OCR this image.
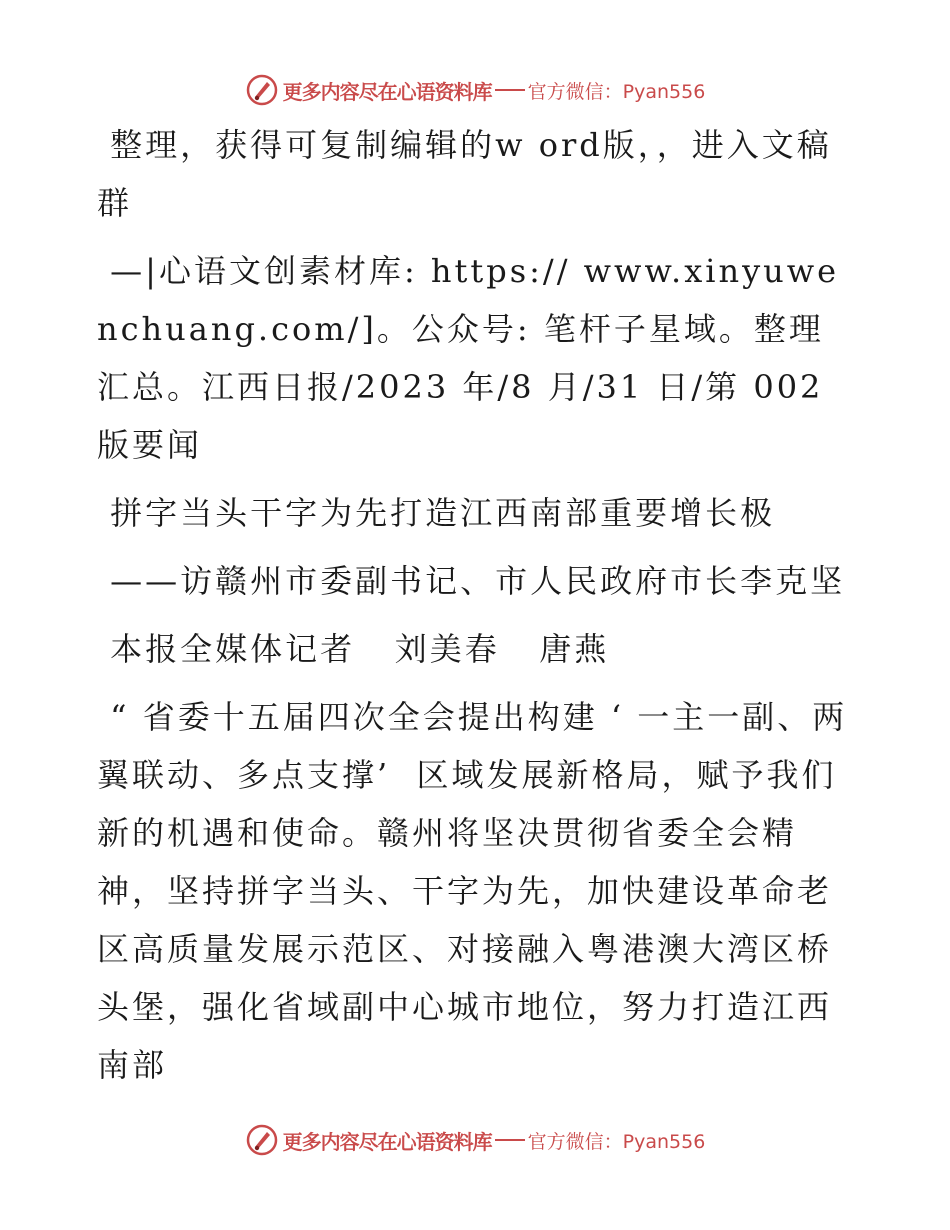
更多内容尽在心语资料库 官方微信：Pyan556

整理，获得可复制编辑的w ord版，，进入文稿群

—|心语文创素材库: https:// www.xinyuwenchuang.com/]。公众号: 笔杆子星域。整理汇总。江西日报/2023 年/8 月/31 日/第 002 版要闻

拼字当头干字为先打造江西南部重要增长极

——访赣州市委副书记、市人民政府市长李克坚

本报全媒体记者   刘美春   唐燕

“ 省委十五届四次全会提出构建 ‘ 一主一副、两翼联动、多点支撑’  区域发展新格局，赋予我们新的机遇和使命。赣州将坚决贯彻省委全会精神，坚持拼字当头、干字为先，加快建设革命老区高质量发展示范区、对接融入粤港澳大湾区桥头堡，强化省域副中心城市地位，努力打造江西南部

更多内容尽在心语资料库 官方微信：Pyan556
